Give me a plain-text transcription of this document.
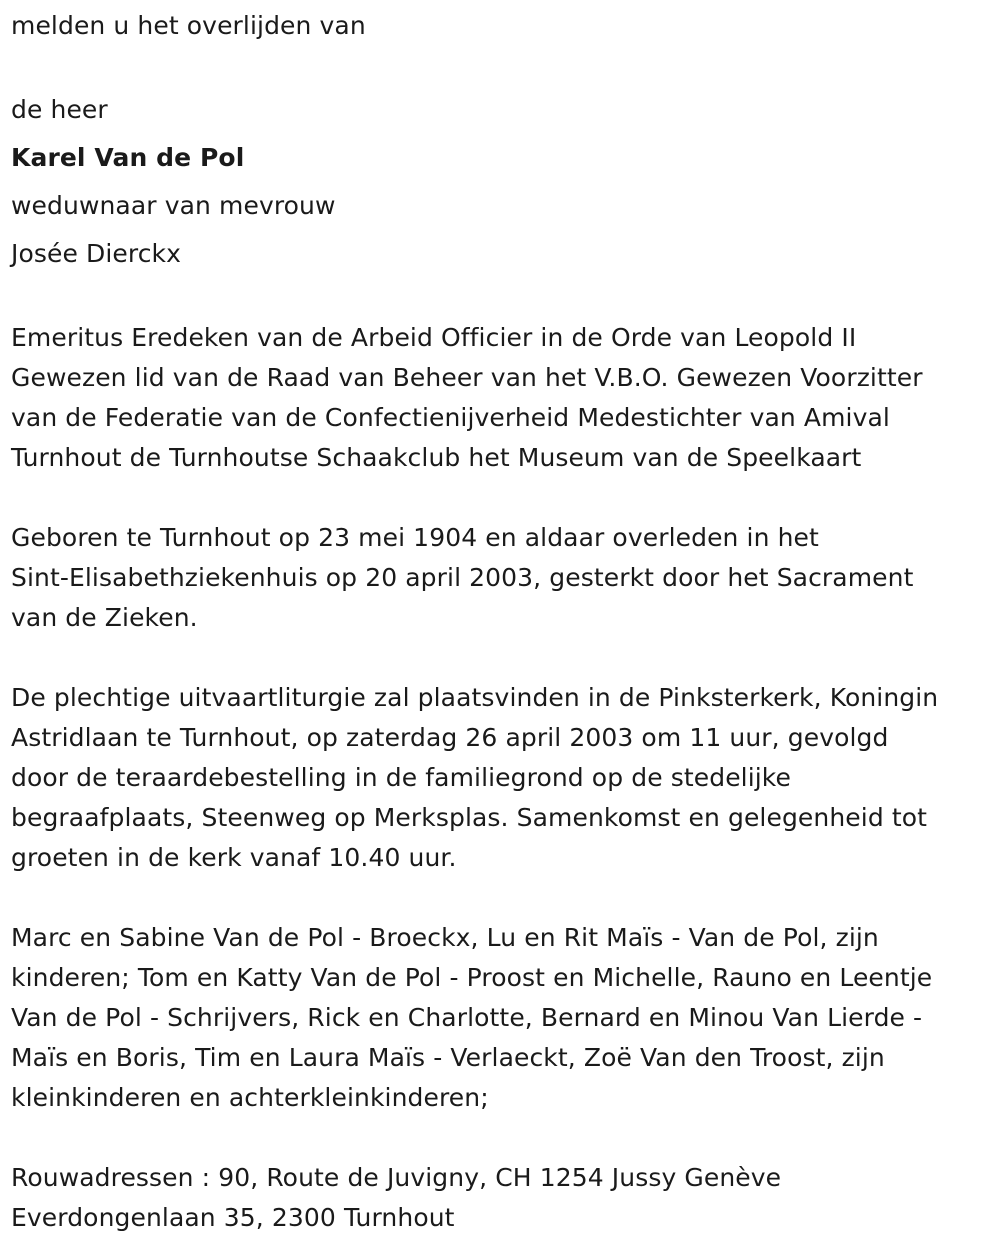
melden u het overlijden van
de heer
Karel Van de Pol
weduwnaar van mevrouw
Josée Dierckx
Emeritus Eredeken van de Arbeid Officier in de Orde van Leopold II
Gewezen lid van de Raad van Beheer van het V.B.O. Gewezen Voorzitter
van de Federatie van de Confectienijverheid Medestichter van Amival
Turnhout de Turnhoutse Schaakclub het Museum van de Speelkaart
Geboren te Turnhout op 23 mei 1904 en aldaar overleden in het
Sint-Elisabethziekenhuis op 20 april 2003, gesterkt door het Sacrament
van de Zieken.
De plechtige uitvaartliturgie zal plaatsvinden in de Pinksterkerk, Koningin
Astridlaan te Turnhout, op zaterdag 26 april 2003 om 11 uur, gevolgd
door de teraardebestelling in de familiegrond op de stedelijke
begraafplaats, Steenweg op Merksplas. Samenkomst en gelegenheid tot
groeten in de kerk vanaf 10.40 uur.
Marc en Sabine Van de Pol - Broeckx, Lu en Rit Maïs - Van de Pol, zijn
kinderen; Tom en Katty Van de Pol - Proost en Michelle, Rauno en Leentje
Van de Pol - Schrijvers, Rick en Charlotte, Bernard en Minou Van Lierde -
Maïs en Boris, Tim en Laura Maïs - Verlaeckt, Zoë Van den Troost, zijn
kleinkinderen en achterkleinkinderen;
Rouwadressen : 90, Route de Juvigny, CH 1254 Jussy Genève
Everdongenlaan 35, 2300 Turnhout
